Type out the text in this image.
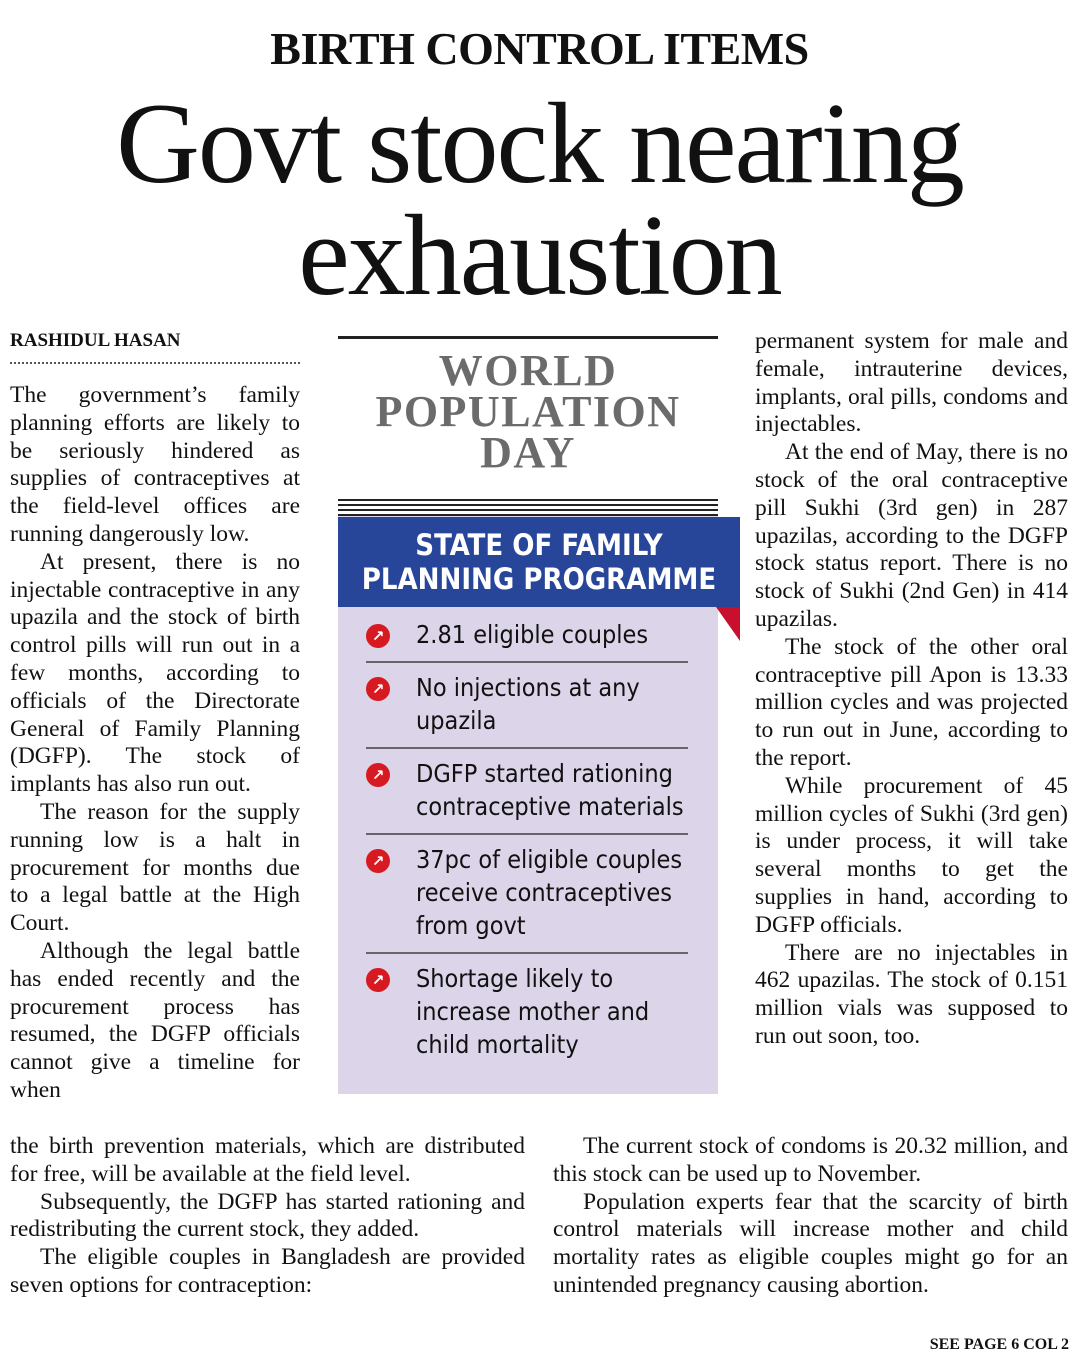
BIRTH CONTROL ITEMS
Govt stock nearing exhaustion
RASHIDUL HASAN

The government’s family planning efforts are likely to be seriously hindered as supplies of contraceptives at the field-level offices are running dangerously low.

At present, there is no injectable contraceptive in any upazila and the stock of birth control pills will run out in a few months, according to officials of the Directorate General of Family Planning (DGFP). The stock of implants has also run out.

The reason for the supply running low is a halt in procurement for months due to a legal battle at the High Court.

Although the legal battle has ended recently and the procurement process has resumed, the DGFP officials cannot give a timeline for when

WORLD
POPULATION
DAY
STATE OF FAMILY
PLANNING PROGRAMME
↗ 2.81 eligible couples
↗ No injections at any upazila
↗ DGFP started rationing contraceptive materials
↗ 37pc of eligible couples receive contraceptives from govt
↗ Shortage likely to increase mother and child mortality

permanent system for male and female, intrauterine devices, implants, oral pills, condoms and injectables.

At the end of May, there is no stock of the oral contraceptive pill Sukhi (3rd gen) in 287 upazilas, according to the DGFP stock status report. There is no stock of Sukhi (2nd Gen) in 414 upazilas.

The stock of the other oral contraceptive pill Apon is 13.33 million cycles and was projected to run out in June, according to the report.

While procurement of 45 million cycles of Sukhi (3rd gen) is under process, it will take several months to get the supplies in hand, according to DGFP officials.

There are no injectables in 462 upazilas. The stock of 0.151 million vials was supposed to run out soon, too.

the birth prevention materials, which are distributed for free, will be available at the field level.

Subsequently, the DGFP has started rationing and redistributing the current stock, they added.

The eligible couples in Bangladesh are provided seven options for contraception:

The current stock of condoms is 20.32 million, and this stock can be used up to November.

Population experts fear that the scarcity of birth control materials will increase mother and child mortality rates as eligible couples might go for an unintended pregnancy causing abortion.

SEE PAGE 6 COL 2
